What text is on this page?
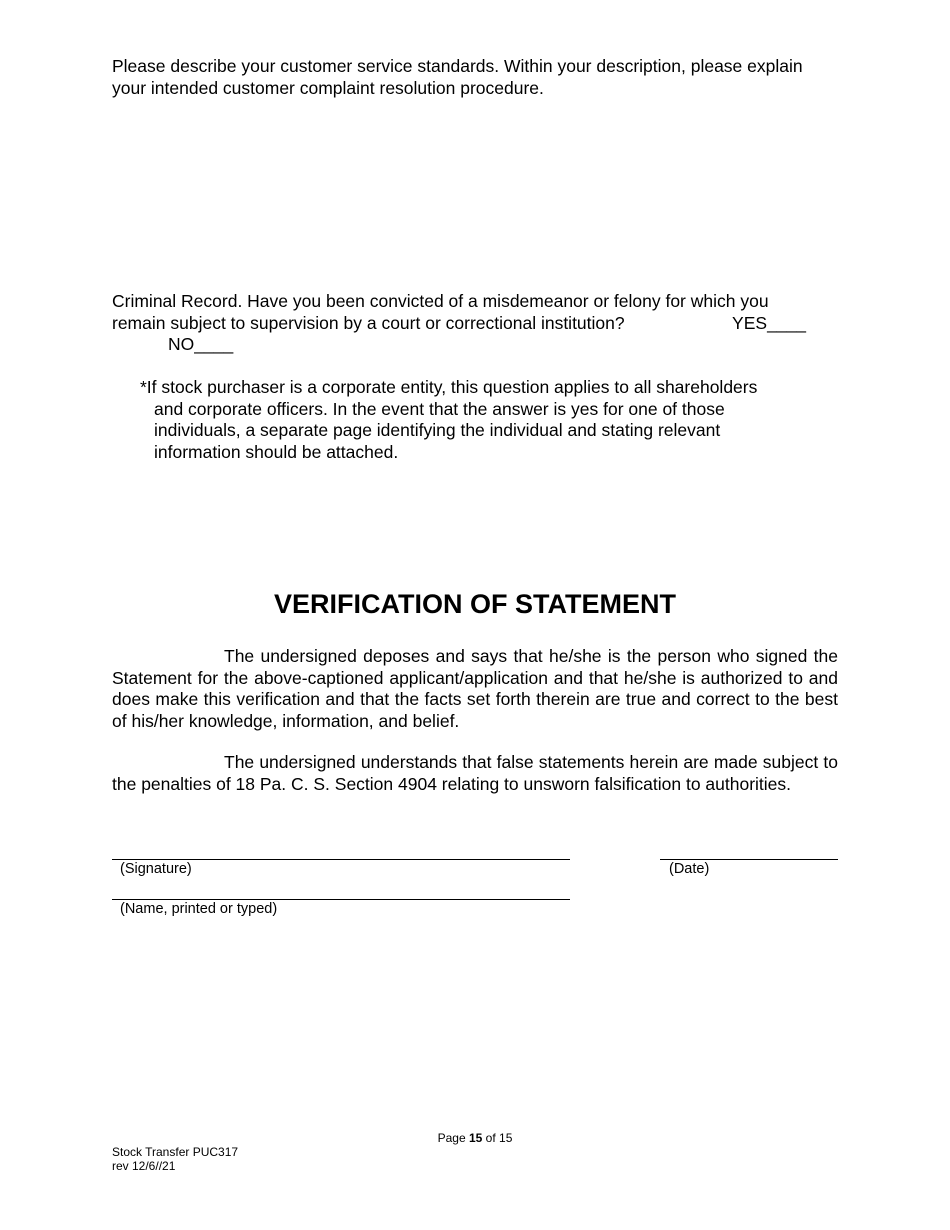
Please describe your customer service standards. Within your description, please explain your intended customer complaint resolution procedure.

Criminal Record. Have you been convicted of a misdemeanor or felony for which you
remain subject to supervision by a court or correctional institution?	YES____
NO____
*If stock purchaser is a corporate entity, this question applies to all shareholders
and corporate officers. In the event that the answer is yes for one of those individuals, a separate page identifying the individual and stating relevant information should be attached.
VERIFICATION OF STATEMENT

The undersigned deposes and says that he/she is the person who signed the Statement for the above-captioned applicant/application and that he/she is authorized to and does make this verification and that the facts set forth therein are true and correct to the best of his/her knowledge, information, and belief.

The undersigned understands that false statements herein are made subject to the penalties of 18 Pa. C. S. Section 4904 relating to unsworn falsification to authorities.

(Signature)	(Date)
(Name, printed or typed)
Page 15 of 15
Stock Transfer PUC317
rev 12/6//21
